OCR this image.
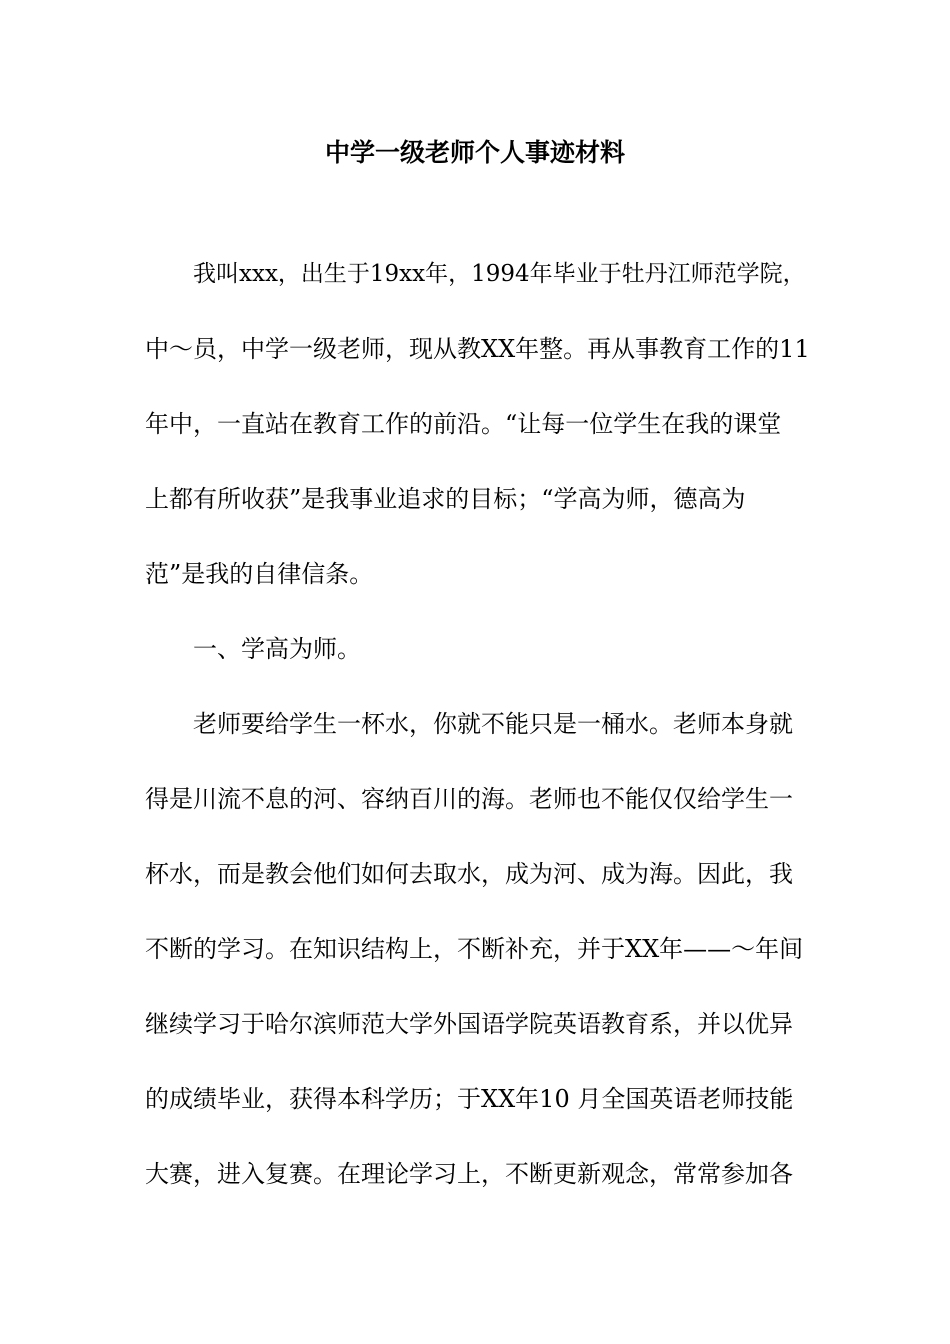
中学一级老师个人事迹材料

我叫xxx，出生于19xx年，1994年毕业于牡丹江师范学院，

中～员，中学一级老师，现从教XX年整。再从事教育工作的11

年中，一直站在教育工作的前沿。“让每一位学生在我的课堂

上都有所收获”是我事业追求的目标；“学高为师，德高为

范”是我的自律信条。

一、学高为师。

老师要给学生一杯水，你就不能只是一桶水。老师本身就

得是川流不息的河、容纳百川的海。老师也不能仅仅给学生一

杯水，而是教会他们如何去取水，成为河、成为海。因此，我

不断的学习。在知识结构上，不断补充，并于XX年——～年间

继续学习于哈尔滨师范大学外国语学院英语教育系，并以优异

的成绩毕业，获得本科学历；于XX年10 月全国英语老师技能

大赛，进入复赛。在理论学习上，不断更新观念，常常参加各
